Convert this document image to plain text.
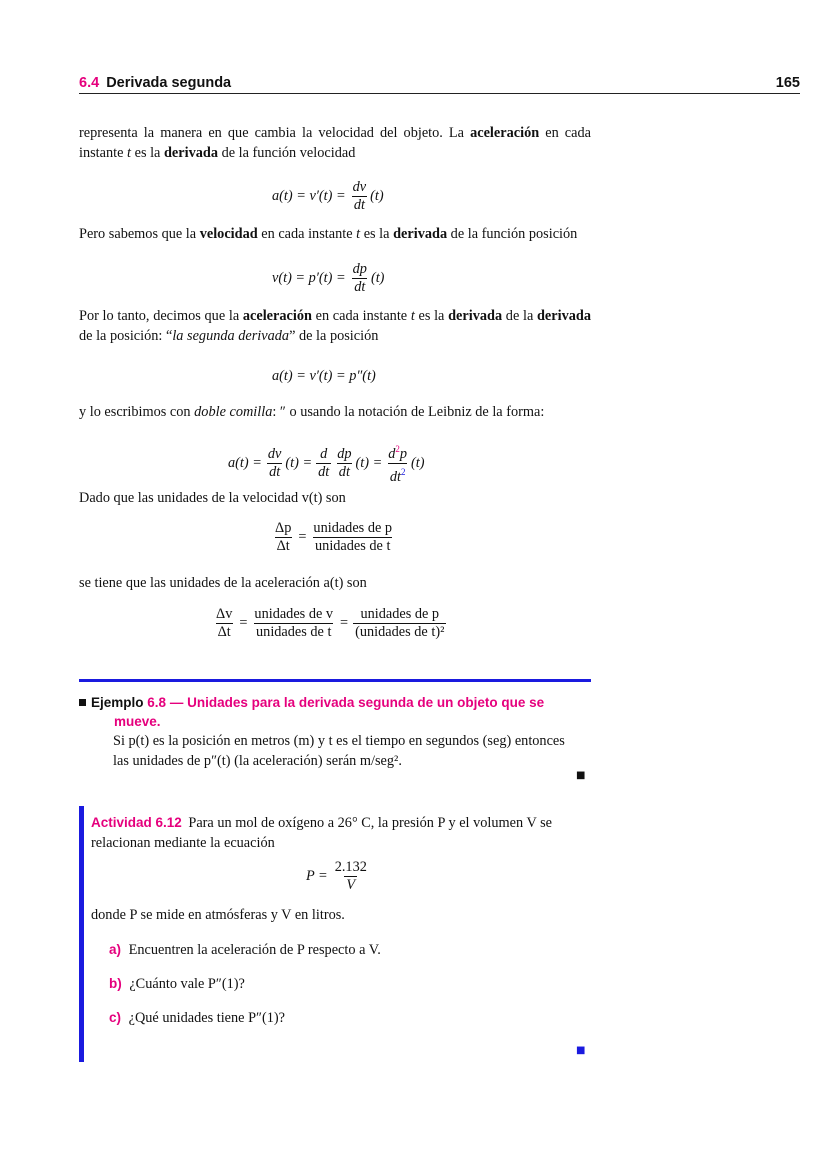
6.4 Derivada segunda	165
representa la manera en que cambia la velocidad del objeto. La aceleración en cada instante t es la derivada de la función velocidad
$a(t) = v'(t) = \frac{dv}{dt} (t)$
Pero sabemos que la velocidad en cada instante t es la derivada de la función posición
$v(t) = p'(t) = \frac{dp}{dt} (t)$
Por lo tanto, decimos que la aceleración en cada instante t es la derivada de la derivada de la posición: “la segunda derivada” de la posición
a(t) = v′(t) = p″(t)
y lo escribimos con doble comilla: ″ o usando la notación de Leibniz de la forma:
$a(t) = \frac{dv}{dt} (t) = \frac{d}{dt} \frac{dp}{dt} (t) = \frac{d^2p}{dt^2} (t)$
Dado que las unidades de la velocidad v(t) son
$\frac{\Delta p}{\Delta t} = \frac{\text{unidades de p}}{\text{unidades de t}}$
se tiene que las unidades de la aceleración a(t) son
$\frac{\Delta v}{\Delta t} = \frac{\text{unidades de v}}{\text{unidades de t}} = \frac{\text{unidades de p}}{\text{(unidades de t)²}}$
Ejemplo 6.8 — Unidades para la derivada segunda de un objeto que se
mueve.
Si p(t) es la posición en metros (m) y t es el tiempo en segundos (seg) entonces
las unidades de p″(t) (la aceleración) serán m/seg².
■
Actividad 6.12 Para un mol de oxígeno a 26° C, la presión P y el volumen V se
relacionan mediante la ecuación
$P = \frac{2.132}{V}$
donde P se mide en atmósferas y V en litros.
a) Encuentren la aceleración de P respecto a V.
b) ¿Cuánto vale P″(1)?
c) ¿Qué unidades tiene P″(1)?
■
